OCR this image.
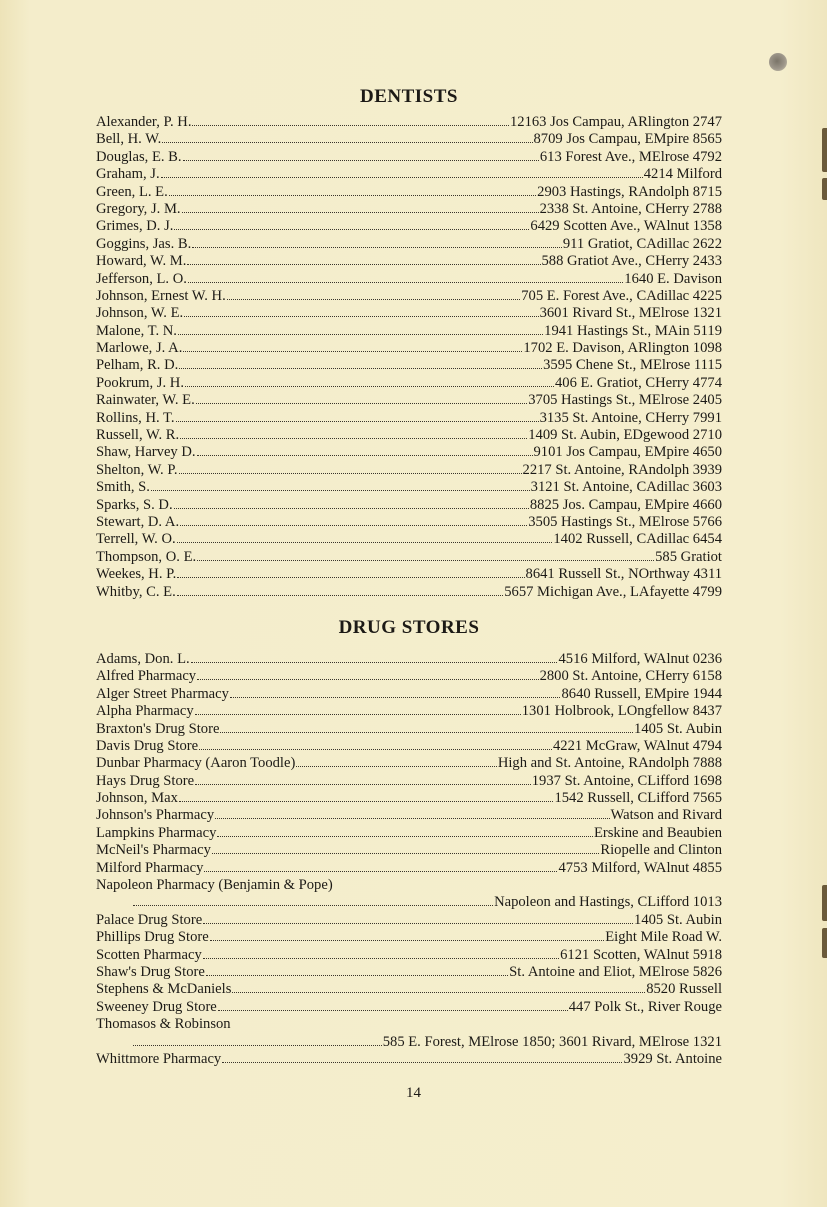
DENTISTS
Alexander, P. H.	12163 Jos Campau, ARlington 2747
Bell, H. W.	8709 Jos Campau, EMpire 8565
Douglas, E. B.	613 Forest Ave., MElrose 4792
Graham, J.	4214 Milford
Green, L. E.	2903 Hastings, RAndolph 8715
Gregory, J. M.	2338 St. Antoine, CHerry 2788
Grimes, D. J.	6429 Scotten Ave., WAlnut 1358
Goggins, Jas. B.	911 Gratiot, CAdillac 2622
Howard, W. M.	588 Gratiot Ave., CHerry 2433
Jefferson, L. O.	1640 E. Davison
Johnson, Ernest W. H.	705 E. Forest Ave., CAdillac 4225
Johnson, W. E.	3601 Rivard St., MElrose 1321
Malone, T. N.	1941 Hastings St., MAin 5119
Marlowe, J. A.	1702 E. Davison, ARlington 1098
Pelham, R. D.	3595 Chene St., MElrose 1115
Pookrum, J. H.	406 E. Gratiot, CHerry 4774
Rainwater, W. E.	3705 Hastings St., MElrose 2405
Rollins, H. T.	3135 St. Antoine, CHerry 7991
Russell, W. R.	1409 St. Aubin, EDgewood 2710
Shaw, Harvey D.	9101 Jos Campau, EMpire 4650
Shelton, W. P.	2217 St. Antoine, RAndolph 3939
Smith, S.	3121 St. Antoine, CAdillac 3603
Sparks, S. D.	8825 Jos. Campau, EMpire 4660
Stewart, D. A.	3505 Hastings St., MElrose 5766
Terrell, W. O.	1402 Russell, CAdillac 6454
Thompson, O. E.	585 Gratiot
Weekes, H. P.	8641 Russell St., NOrthway 4311
Whitby, C. E.	5657 Michigan Ave., LAfayette 4799
DRUG STORES
Adams, Don. L.	4516 Milford, WAlnut 0236
Alfred Pharmacy	2800 St. Antoine, CHerry 6158
Alger Street Pharmacy	8640 Russell, EMpire 1944
Alpha Pharmacy	1301 Holbrook, LOngfellow 8437
Braxton's Drug Store	1405 St. Aubin
Davis Drug Store	4221 McGraw, WAlnut 4794
Dunbar Pharmacy (Aaron Toodle)	High and St. Antoine, RAndolph 7888
Hays Drug Store	1937 St. Antoine, CLifford 1698
Johnson, Max	1542 Russell, CLifford 7565
Johnson's Pharmacy	Watson and Rivard
Lampkins Pharmacy	Erskine and Beaubien
McNeil's Pharmacy	Riopelle and Clinton
Milford Pharmacy	4753 Milford, WAlnut 4855
Napoleon Pharmacy (Benjamin & Pope)
Napoleon and Hastings, CLifford 1013
Palace Drug Store	1405 St. Aubin
Phillips Drug Store	Eight Mile Road W.
Scotten Pharmacy	6121 Scotten, WAlnut 5918
Shaw's Drug Store	St. Antoine and Eliot, MElrose 5826
Stephens & McDaniels	8520 Russell
Sweeney Drug Store	447 Polk St., River Rouge
Thomasos & Robinson
585 E. Forest, MElrose 1850; 3601 Rivard, MElrose 1321
Whittmore Pharmacy	3929 St. Antoine
14
